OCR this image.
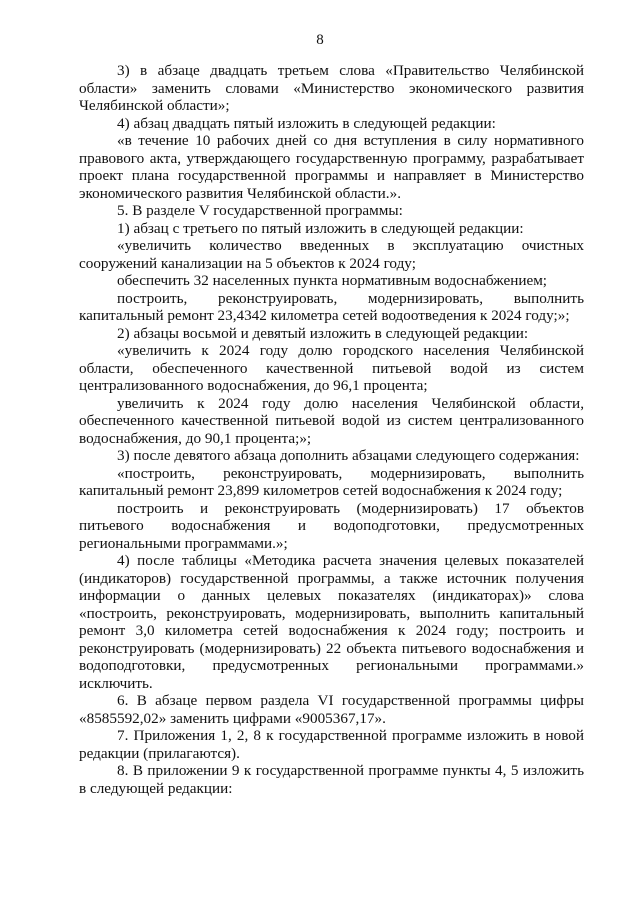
8

3) в абзаце двадцать третьем слова «Правительство Челябинской области» заменить словами «Министерство экономического развития Челябинской области»;

4) абзац двадцать пятый изложить в следующей редакции:

«в течение 10 рабочих дней со дня вступления в силу нормативного правового акта, утверждающего государственную программу, разрабатывает проект плана государственной программы и направляет в Министерство экономического развития Челябинской области.».

5. В разделе V государственной программы:

1) абзац с третьего по пятый изложить в следующей редакции:

«увеличить количество введенных в эксплуатацию очистных сооружений канализации на 5 объектов к 2024 году;

обеспечить 32 населенных пункта нормативным водоснабжением;

построить, реконструировать, модернизировать, выполнить капитальный ремонт 23,4342 километра сетей водоотведения к 2024 году;»;

2) абзацы восьмой и девятый изложить в следующей редакции:

«увеличить к 2024 году долю городского населения Челябинской области, обеспеченного качественной питьевой водой из систем централизованного водоснабжения, до 96,1 процента;

увеличить к 2024 году долю населения Челябинской области, обеспеченного качественной питьевой водой из систем централизованного водоснабжения, до 90,1 процента;»;

3) после девятого абзаца дополнить абзацами следующего содержания:

«построить, реконструировать, модернизировать, выполнить капитальный ремонт 23,899 километров сетей водоснабжения к 2024 году;

построить и реконструировать (модернизировать) 17 объектов питьевого водоснабжения и водоподготовки, предусмотренных региональными программами.»;

4) после таблицы «Методика расчета значения целевых показателей (индикаторов) государственной программы, а также источник получения информации о данных целевых показателях (индикаторах)» слова «построить, реконструировать, модернизировать, выполнить капитальный ремонт 3,0 километра сетей водоснабжения к 2024 году; построить и реконструировать (модернизировать) 22 объекта питьевого водоснабжения и водоподготовки, предусмотренных региональными программами.» исключить.

6. В абзаце первом раздела VI государственной программы цифры «8585592,02» заменить цифрами «9005367,17».

7. Приложения 1, 2, 8 к государственной программе изложить в новой редакции (прилагаются).

8. В приложении 9 к государственной программе пункты 4, 5 изложить в следующей редакции:
